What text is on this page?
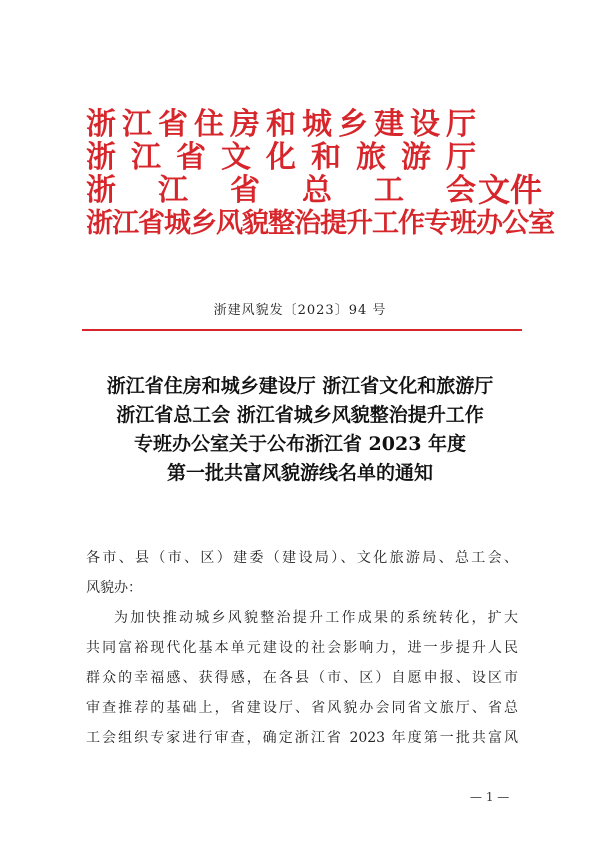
浙 江 省 住 房 和 城 乡 建 设 厅
浙 江 省 文 化 和 旅 游 厅
浙 江 省 总 工 会
浙江省城乡风貌整治提升工作专班办公室
文件
浙建风貌发〔2023〕94 号
浙江省住房和城乡建设厅 浙江省文化和旅游厅
浙江省总工会 浙江省城乡风貌整治提升工作
专班办公室关于公布浙江省 2023 年度
第一批共富风貌游线名单的通知
各市、县（市、区）建委（建设局）、文化旅游局、总工会、
风貌办：
为加快推动城乡风貌整治提升工作成果的系统转化，扩大
共同富裕现代化基本单元建设的社会影响力，进一步提升人民
群众的幸福感、获得感，在各县（市、区）自愿申报、设区市
审查推荐的基础上，省建设厅、省风貌办会同省文旅厅、省总
工会组织专家进行审查，确定浙江省 2023 年度第一批共富风
— 1 —
